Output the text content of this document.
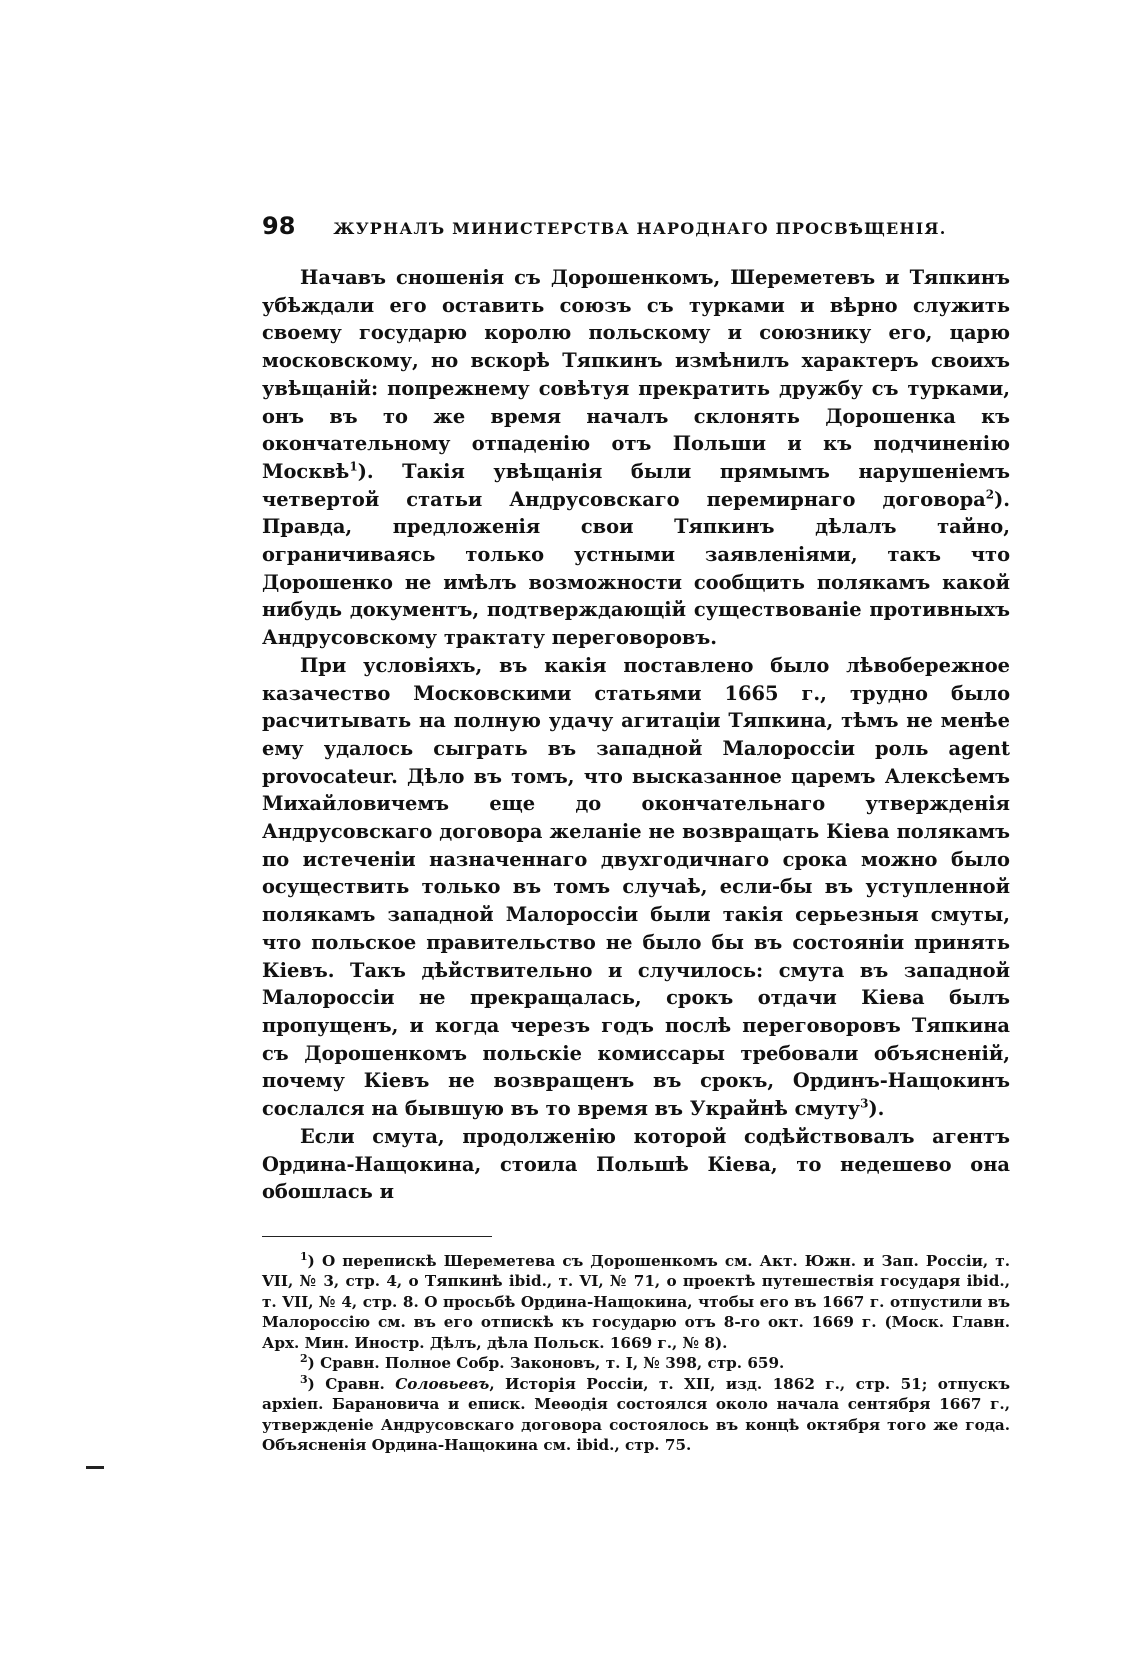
98 ЖУРНАЛЪ МИНИСТЕРСТВА НАРОДНАГО ПРОСВѢЩЕНІЯ.

Начавъ сношенія съ Дорошенкомъ, Шереметевъ и Тяпкинъ убѣждали его оставить союзъ съ турками и вѣрно служить своему государю королю польскому и союзнику его, царю московскому, но вскорѣ Тяпкинъ измѣнилъ характеръ своихъ увѣщаній: попрежнему совѣтуя прекратить дружбу съ турками, онъ въ то же время началъ склонять Дорошенка къ окончательному отпаденію отъ Польши и къ подчиненію Москвѣ$^1$). Такія увѣщанія были прямымъ нарушеніемъ четвертой статьи Андрусовскаго перемирнаго договора$^2$). Правда, предложенія свои Тяпкинъ дѣлалъ тайно, ограничиваясь только устными заявленіями, такъ что Дорошенко не имѣлъ возможности сообщить полякамъ какой нибудь документъ, подтверждающій существованіе противныхъ Андрусовскому трактату переговоровъ.

При условіяхъ, въ какія поставлено было лѣвобережное казачество Московскими статьями 1665 г., трудно было расчитывать на полную удачу агитаціи Тяпкина, тѣмъ не менѣе ему удалось сыграть въ западной Малороссіи роль agent provocateur. Дѣло въ томъ, что высказанное царемъ Алексѣемъ Михайловичемъ еще до окончательнаго утвержденія Андрусовскаго договора желаніе не возвращать Кіева полякамъ по истеченіи назначеннаго двухгодичнаго срока можно было осуществить только въ томъ случаѣ, если-бы въ уступленной полякамъ западной Малороссіи были такія серьезныя смуты, что польское правительство не было бы въ состояніи принять Кіевъ. Такъ дѣйствительно и случилось: смута въ западной Малороссіи не прекращалась, срокъ отдачи Кіева былъ пропущенъ, и когда черезъ годъ послѣ переговоровъ Тяпкина съ Дорошенкомъ польскіе комиссары требовали объясненій, почему Кіевъ не возвращенъ въ срокъ, Ординъ-Нащокинъ сослался на бывшую въ то время въ Украйнѣ смуту$^3$).

Если смута, продолженію которой содѣйствовалъ агентъ Ордина-Нащокина, стоила Польшѣ Кіева, то недешево она обошлась и

$^1$) О перепискѣ Шереметева съ Дорошенкомъ см. Акт. Южн. и Зап. Россіи, т. VII, № 3, стр. 4, о Тяпкинѣ ibid., т. VI, № 71, о проектѣ путешествія государя ibid., т. VII, № 4, стр. 8. О просьбѣ Ордина-Нащокина, чтобы его въ 1667 г. отпустили въ Малороссію см. въ его отпискѣ къ государю отъ 8-го окт. 1669 г. (Моск. Главн. Арх. Мин. Иностр. Дѣлъ, дѣла Польск. 1669 г., № 8).

$^2$) Сравн. Полное Собр. Законовъ, т. I, № 398, стр. 659.

$^3$) Сравн. Соловьевъ, Исторія Россіи, т. XII, изд. 1862 г., стр. 51; отпускъ архіеп. Барановича и еписк. Меѳодія состоялся около начала сентября 1667 г., утвержденіе Андрусовскаго договора состоялось въ концѣ октября того же года. Объясненія Ордина-Нащокина см. ibid., стр. 75.
